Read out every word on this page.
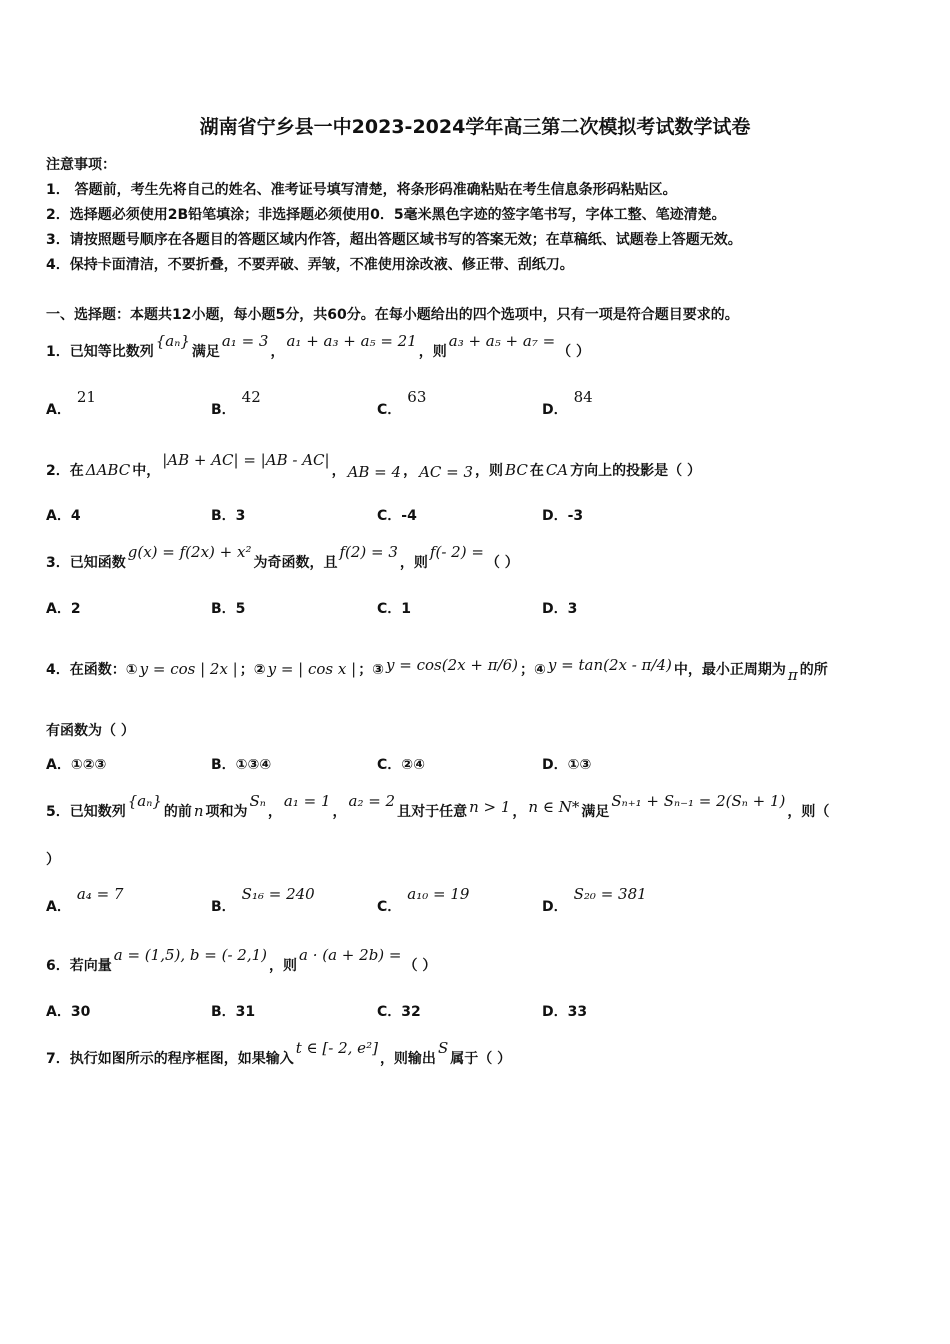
湖南省宁乡县一中2023-2024学年高三第二次模拟考试数学试卷
注意事项：
1． 答题前，考生先将自己的姓名、准考证号填写清楚，将条形码准确粘贴在考生信息条形码粘贴区。
2．选择题必须使用2B铅笔填涂；非选择题必须使用0．5毫米黑色字迹的签字笔书写，字体工整、笔迹清楚。
3．请按照题号顺序在各题目的答题区域内作答，超出答题区域书写的答案无效；在草稿纸、试题卷上答题无效。
4．保持卡面清洁，不要折叠，不要弄破、弄皱，不准使用涂改液、修正带、刮纸刀。
一、选择题：本题共12小题，每小题5分，共60分。在每小题给出的四个选项中，只有一项是符合题目要求的。
1．已知等比数列{aₙ}满足a₁ = 3，a₁ + a₃ + a₅ = 21，则a₃ + a₅ + a₇ =（ ）
A．21
B．42
C．63
D．84
2．在 ΔABC 中，|AB + AC| = |AB - AC|， AB = 4 ， AC = 3 ，则 BC 在 CA 方向上的投影是（ ）
A．4	B．3	C．-4	D．-3
3．已知函数g(x) = f(2x) + x²为奇函数，且f(2) = 3，则f(- 2) =（ ）
A．2	B．5	C．1	D．3
4．在函数：① y = cos | 2x | ；② y = | cos x | ；③ y = cos(2x + π/6) ；④ y = tan(2x - π/4) 中，最小正周期为 π 的所
有函数为（ ）
A．①②③	B．①③④	C．②④	D．①③
5．已知数列{aₙ}的前 n 项和为Sₙ，a₁ = 1，a₂ = 2且对于任意 n > 1 ， n ∈ N* 满足Sₙ₊₁ + Sₙ₋₁ = 2(Sₙ + 1)，则（
）
A．a₄ = 7
B．S₁₆ = 240
C．a₁₀ = 19
D．S₂₀ = 381
6．若向量a = (1,5), b = (- 2,1)，则a · (a + 2b) =（ ）
A．30	B．31	C．32	D．33
7．执行如图所示的程序框图，如果输入t ∈ [- 2, e²]，则输出S属于（ ）
